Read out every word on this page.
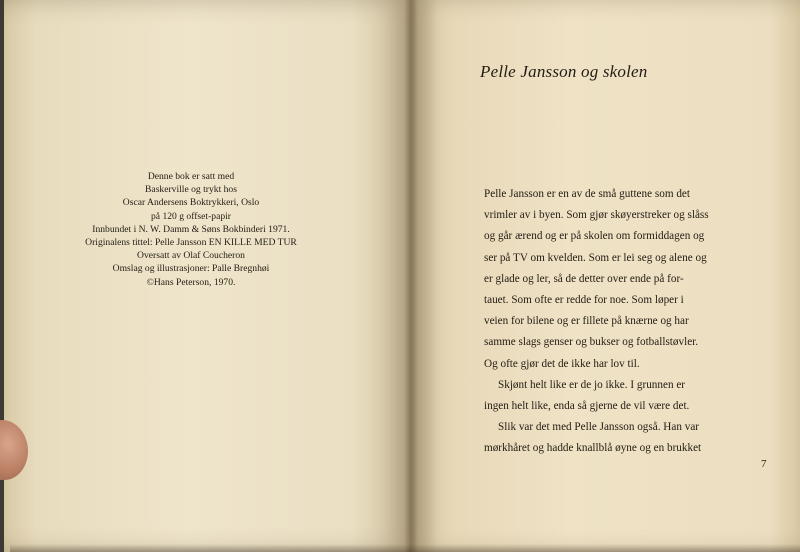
Denne bok er satt med
Baskerville og trykt hos
Oscar Andersens Boktrykkeri, Oslo
på 120 g offset-papir
Innbundet i N. W. Damm & Søns Bokbinderi 1971.
Originalens tittel: Pelle Jansson EN KILLE MED TUR
Oversatt av Olaf Coucheron
Omslag og illustrasjoner: Palle Bregnhøi
©Hans Peterson, 1970.
Pelle Jansson og skolen
Pelle Jansson er en av de små guttene som det
vrimler av i byen. Som gjør skøyerstreker og slåss
og går ærend og er på skolen om formiddagen og
ser på TV om kvelden. Som er lei seg og alene og
er glade og ler, så de detter over ende på for-
tauet. Som ofte er redde for noe. Som løper i
veien for bilene og er fillete på knærne og har
samme slags genser og bukser og fotballstøvler.
Og ofte gjør det de ikke har lov til.
Skjønt helt like er de jo ikke. I grunnen er
ingen helt like, enda så gjerne de vil være det.
Slik var det med Pelle Jansson også. Han var
mørkhåret og hadde knallblå øyne og en brukket
7
